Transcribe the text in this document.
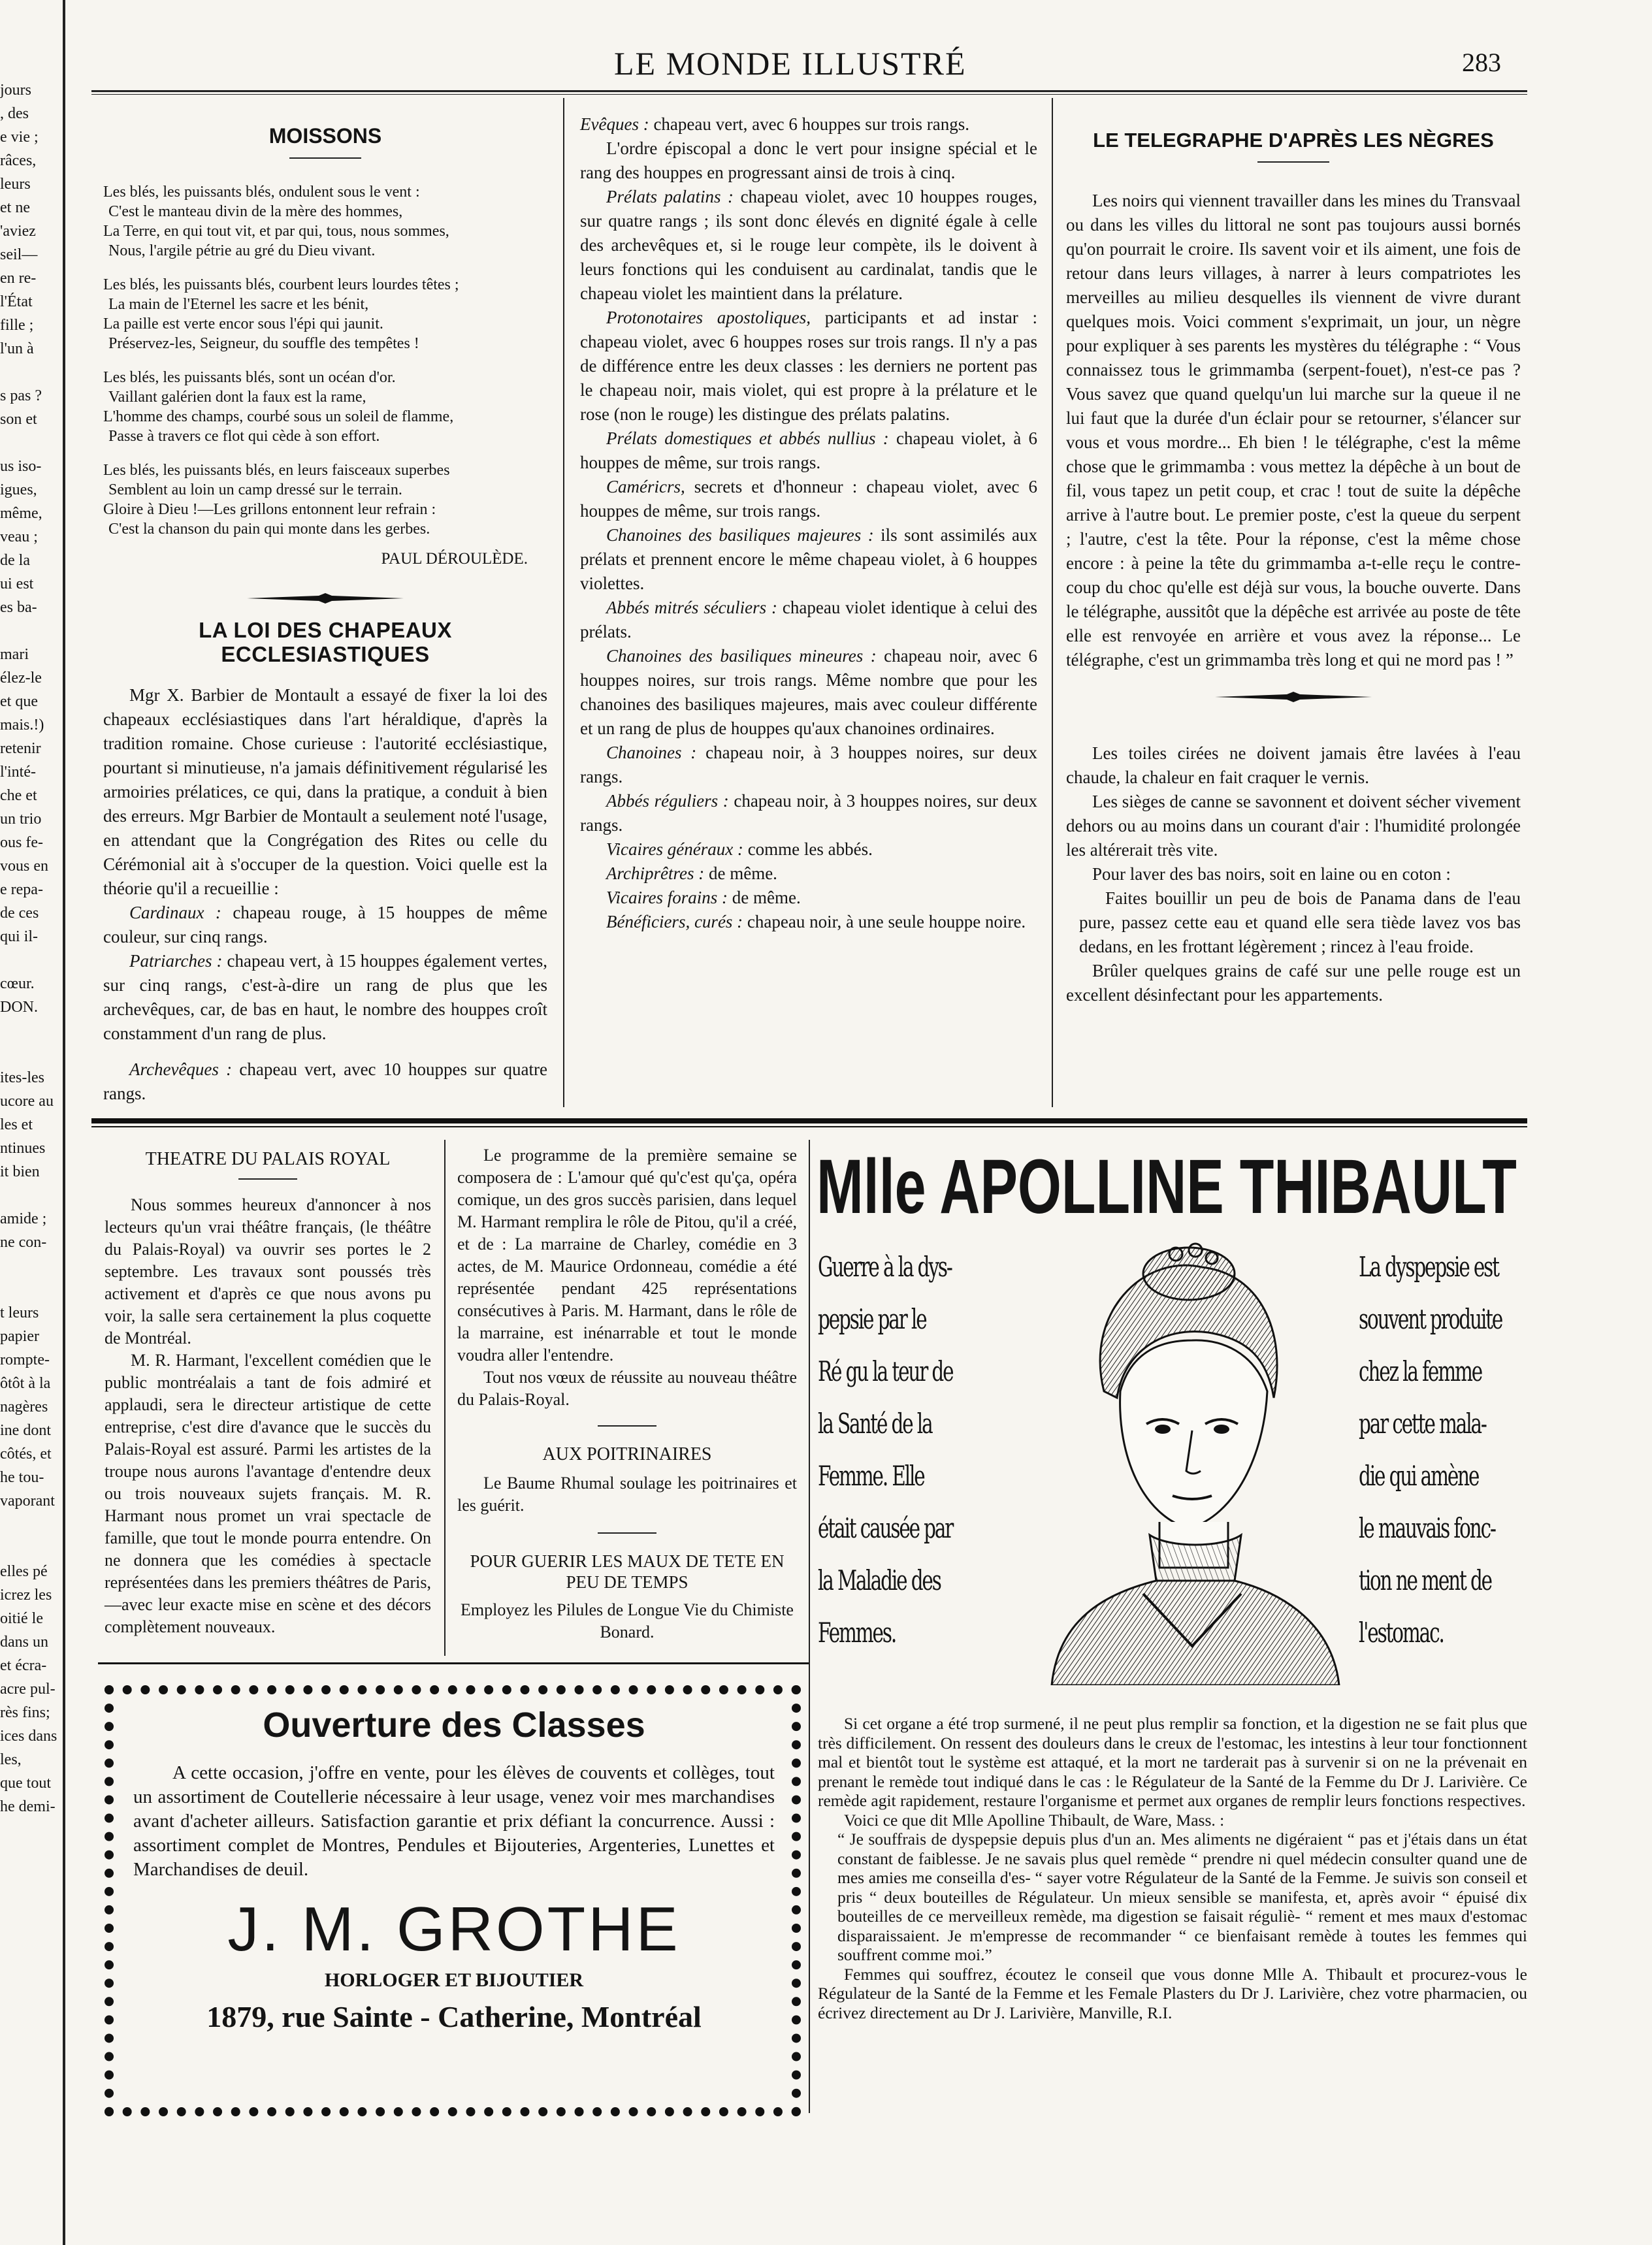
jours
, des
e vie ;
râces,
leurs
et ne
'aviez
seil—
en re-
l'État
fille ;
l'un à

s pas ?
son et

us iso-
igues,
même,
veau ;
de la
ui est
es ba-

mari
élez-le
et que
mais.!)
retenir
l'inté-
che et
un trio
ous fe-
vous en
e repa-
de ces
qui il-

cœur.
DON.

ites-les
ucore au
les et
ntinues
it bien

amide ;
ne con-

t leurs
papier
rompte-
ôtôt à la
nagères
ine dont
côtés, et
he tou-
vaporant

elles pé
icrez les
oitié le
dans un
et écra-
acre pul-
rès fins;
ices dans
les,
que tout
he demi-
LE MONDE ILLUSTRÉ	283
MOISSONS
Les blés, les puissants blés, ondulent sous le vent :
C'est le manteau divin de la mère des hommes,
La Terre, en qui tout vit, et par qui, tous, nous sommes,
Nous, l'argile pétrie au gré du Dieu vivant.
Les blés, les puissants blés, courbent leurs lourdes têtes ;
La main de l'Eternel les sacre et les bénit,
La paille est verte encor sous l'épi qui jaunit.
Préservez-les, Seigneur, du souffle des tempêtes !
Les blés, les puissants blés, sont un océan d'or.
Vaillant galérien dont la faux est la rame,
L'homme des champs, courbé sous un soleil de flamme,
Passe à travers ce flot qui cède à son effort.
Les blés, les puissants blés, en leurs faisceaux superbes
Semblent au loin un camp dressé sur le terrain.
Gloire à Dieu !—Les grillons entonnent leur refrain :
C'est la chanson du pain qui monte dans les gerbes.
PAUL DÉROULÈDE.
LA LOI DES CHAPEAUX ECCLESIASTIQUES

Mgr X. Barbier de Montault a essayé de fixer la loi des chapeaux ecclésiastiques dans l'art héraldique, d'après la tradition romaine. Chose curieuse : l'autorité ecclésiastique, pourtant si minutieuse, n'a jamais définitivement régularisé les armoiries prélatices, ce qui, dans la pratique, a conduit à bien des erreurs. Mgr Barbier de Montault a seulement noté l'usage, en attendant que la Congrégation des Rites ou celle du Cérémonial ait à s'occuper de la question. Voici quelle est la théorie qu'il a recueillie :

Cardinaux : chapeau rouge, à 15 houppes de même couleur, sur cinq rangs.

Patriarches : chapeau vert, à 15 houppes également vertes, sur cinq rangs, c'est-à-dire un rang de plus que les archevêques, car, de bas en haut, le nombre des houppes croît constamment d'un rang de plus.

Archevêques : chapeau vert, avec 10 houppes sur quatre rangs.

Evêques : chapeau vert, avec 6 houppes sur trois rangs.

L'ordre épiscopal a donc le vert pour insigne spécial et le rang des houppes en progressant ainsi de trois à cinq.

Prélats palatins : chapeau violet, avec 10 houppes rouges, sur quatre rangs ; ils sont donc élevés en dignité égale à celle des archevêques et, si le rouge leur compète, ils le doivent à leurs fonctions qui les conduisent au cardinalat, tandis que le chapeau violet les maintient dans la prélature.

Protonotaires apostoliques, participants et ad instar : chapeau violet, avec 6 houppes roses sur trois rangs. Il n'y a pas de différence entre les deux classes : les derniers ne portent pas le chapeau noir, mais violet, qui est propre à la prélature et le rose (non le rouge) les distingue des prélats palatins.

Prélats domestiques et abbés nullius : chapeau violet, à 6 houppes de même, sur trois rangs.

Caméricrs, secrets et d'honneur : chapeau violet, avec 6 houppes de même, sur trois rangs.

Chanoines des basiliques majeures : ils sont assimilés aux prélats et prennent encore le même chapeau violet, à 6 houppes violettes.

Abbés mitrés séculiers : chapeau violet identique à celui des prélats.

Chanoines des basiliques mineures : chapeau noir, avec 6 houppes noires, sur trois rangs. Même nombre que pour les chanoines des basiliques majeures, mais avec couleur différente et un rang de plus de houppes qu'aux chanoines ordinaires.

Chanoines : chapeau noir, à 3 houppes noires, sur deux rangs.

Abbés réguliers : chapeau noir, à 3 houppes noires, sur deux rangs.

Vicaires généraux : comme les abbés.

Archiprêtres : de même.

Vicaires forains : de même.

Bénéficiers, curés : chapeau noir, à une seule houppe noire.

LE TELEGRAPHE D'APRÈS LES NÈGRES

Les noirs qui viennent travailler dans les mines du Transvaal ou dans les villes du littoral ne sont pas toujours aussi bornés qu'on pourrait le croire. Ils savent voir et ils aiment, une fois de retour dans leurs villages, à narrer à leurs compatriotes les merveilles au milieu desquelles ils viennent de vivre durant quelques mois. Voici comment s'exprimait, un jour, un nègre pour expliquer à ses parents les mystères du télégraphe : “ Vous connaissez tous le grimmamba (serpent-fouet), n'est-ce pas ? Vous savez que quand quelqu'un lui marche sur la queue il ne lui faut que la durée d'un éclair pour se retourner, s'élancer sur vous et vous mordre... Eh bien ! le télégraphe, c'est la même chose que le grimmamba : vous mettez la dépêche à un bout de fil, vous tapez un petit coup, et crac ! tout de suite la dépêche arrive à l'autre bout. Le premier poste, c'est la queue du serpent ; l'autre, c'est la tête. Pour la réponse, c'est la même chose encore : à peine la tête du grimmamba a-t-elle reçu le contre-coup du choc qu'elle est déjà sur vous, la bouche ouverte. Dans le télégraphe, aussitôt que la dépêche est arrivée au poste de tête elle est renvoyée en arrière et vous avez la réponse... Le télégraphe, c'est un grimmamba très long et qui ne mord pas ! ”

Les toiles cirées ne doivent jamais être lavées à l'eau chaude, la chaleur en fait craquer le vernis.

Les sièges de canne se savonnent et doivent sécher vivement dehors ou au moins dans un courant d'air : l'humidité prolongée les altérerait très vite.

Pour laver des bas noirs, soit en laine ou en coton :

Faites bouillir un peu de bois de Panama dans de l'eau pure, passez cette eau et quand elle sera tiède lavez vos bas dedans, en les frottant légèrement ; rincez à l'eau froide.

Brûler quelques grains de café sur une pelle rouge est un excellent désinfectant pour les appartements.

THEATRE DU PALAIS ROYAL

Nous sommes heureux d'annoncer à nos lecteurs qu'un vrai théâtre français, (le théâtre du Palais-Royal) va ouvrir ses portes le 2 septembre. Les travaux sont poussés très activement et d'après ce que nous avons pu voir, la salle sera certainement la plus coquette de Montréal.

M. R. Harmant, l'excellent comédien que le public montréalais a tant de fois admiré et applaudi, sera le directeur artistique de cette entreprise, c'est dire d'avance que le succès du Palais-Royal est assuré. Parmi les artistes de la troupe nous aurons l'avantage d'entendre deux ou trois nouveaux sujets français. M. R. Harmant nous promet un vrai spectacle de famille, que tout le monde pourra entendre. On ne donnera que les comédies à spectacle représentées dans les premiers théâtres de Paris,—avec leur exacte mise en scène et des décors complètement nouveaux.

Le programme de la première semaine se composera de : L'amour qué qu'c'est qu'ça, opéra comique, un des gros succès parisien, dans lequel M. Harmant remplira le rôle de Pitou, qu'il a créé, et de : La marraine de Charley, comédie en 3 actes, de M. Maurice Ordonneau, comédie a été représentée pendant 425 représentations consécutives à Paris. M. Harmant, dans le rôle de la marraine, est inénarrable et tout le monde voudra aller l'entendre.

Tout nos vœux de réussite au nouveau théâtre du Palais-Royal.

AUX POITRINAIRES

Le Baume Rhumal soulage les poitrinaires et les guérit.

POUR GUERIR LES MAUX DE TETE EN PEU DE TEMPS

Employez les Pilules de Longue Vie du Chimiste Bonard.

Ouverture des Classes

A cette occasion, j'offre en vente, pour les élèves de couvents et collèges, tout un assortiment de Coutellerie nécessaire à leur usage, venez voir mes marchandises avant d'acheter ailleurs. Satisfaction garantie et prix défiant la concurrence. Aussi : assortiment complet de Montres, Pendules et Bijouteries, Argenteries, Lunettes et Marchandises de deuil.

J. M. GROTHE
HORLOGER ET BIJOUTIER
1879, rue Sainte - Catherine, Montréal
Mlle APOLLINE THIBAULT
Guerre à la dys-
pepsie par le
Ré gu la teur de
la Santé de la
Femme. Elle
était causée par
la Maladie des
Femmes.
La dyspepsie est
souvent produite
chez la femme
par cette mala-
die qui amène
le mauvais fonc-
tion ne ment de
l'estomac.

Si cet organe a été trop surmené, il ne peut plus remplir sa fonction, et la digestion ne se fait plus que très difficilement. On ressent des douleurs dans le creux de l'estomac, les intestins à leur tour fonctionnent mal et bientôt tout le système est attaqué, et la mort ne tarderait pas à survenir si on ne la prévenait en prenant le remède tout indiqué dans le cas : le Régulateur de la Santé de la Femme du Dr J. Larivière. Ce remède agit rapidement, restaure l'organisme et permet aux organes de remplir leurs fonctions respectives.

Voici ce que dit Mlle Apolline Thibault, de Ware, Mass. :

“ Je souffrais de dyspepsie depuis plus d'un an. Mes aliments ne digéraient “ pas et j'étais dans un état constant de faiblesse. Je ne savais plus quel remède “ prendre ni quel médecin consulter quand une de mes amies me conseilla d'es- “ sayer votre Régulateur de la Santé de la Femme. Je suivis son conseil et pris “ deux bouteilles de Régulateur. Un mieux sensible se manifesta, et, après avoir “ épuisé dix bouteilles de ce merveilleux remède, ma digestion se faisait réguliè- “ rement et mes maux d'estomac disparaissaient. Je m'empresse de recommander “ ce bienfaisant remède à toutes les femmes qui souffrent comme moi.”

Femmes qui souffrez, écoutez le conseil que vous donne Mlle A. Thibault et procurez-vous le Régulateur de la Santé de la Femme et les Female Plasters du Dr J. Larivière, chez votre pharmacien, ou écrivez directement au Dr J. Larivière, Manville, R.I.
